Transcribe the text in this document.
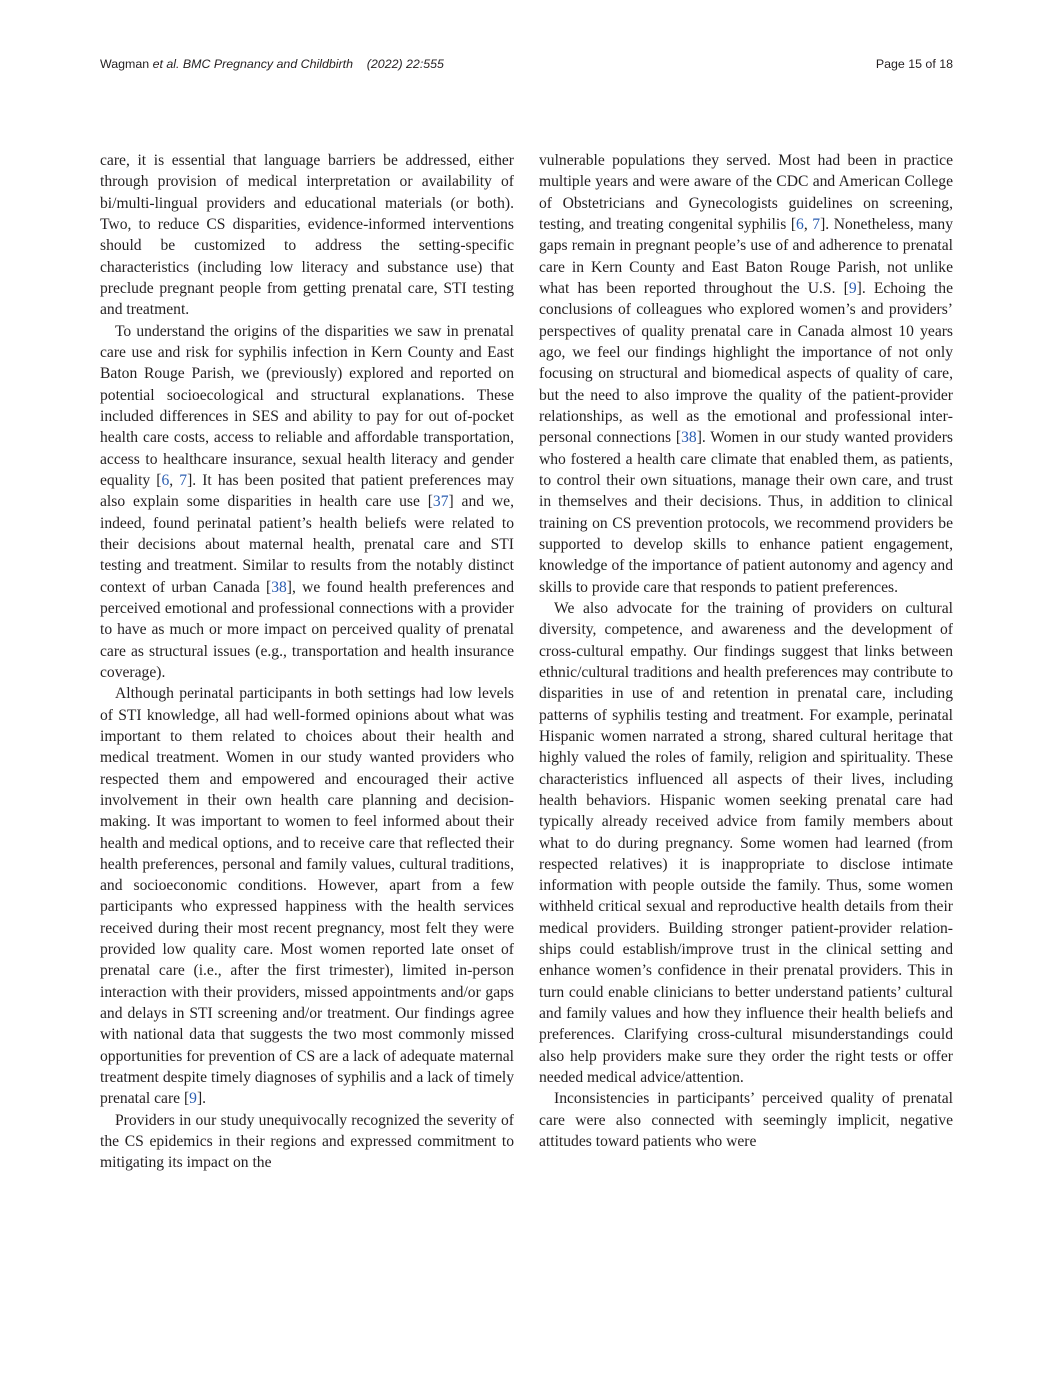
Wagman et al. BMC Pregnancy and Childbirth (2022) 22:555	Page 15 of 18

care, it is essential that language barriers be addressed, either through provision of medical interpretation or availability of bi/multi-lingual providers and educational materials (or both). Two, to reduce CS disparities, evidence-informed interventions should be customized to address the setting-specific characteristics (including low literacy and substance use) that preclude pregnant people from getting prenatal care, STI testing and treatment.

To understand the origins of the disparities we saw in prenatal care use and risk for syphilis infection in Kern County and East Baton Rouge Parish, we (previously) explored and reported on potential socioecological and structural explanations. These included differences in SES and ability to pay for out of-pocket health care costs, access to reliable and affordable transportation, access to healthcare insurance, sexual health literacy and gender equality [6, 7]. It has been posited that patient preferences may also explain some disparities in health care use [37] and we, indeed, found perinatal patient’s health beliefs were related to their decisions about maternal health, prenatal care and STI testing and treatment. Similar to results from the notably distinct context of urban Canada [38], we found health preferences and perceived emotional and professional connections with a provider to have as much or more impact on perceived quality of prenatal care as structural issues (e.g., transportation and health insurance coverage).

Although perinatal participants in both settings had low levels of STI knowledge, all had well-formed opinions about what was important to them related to choices about their health and medical treatment. Women in our study wanted providers who respected them and empowered and encouraged their active involvement in their own health care planning and decision-making. It was important to women to feel informed about their health and medical options, and to receive care that reflected their health preferences, personal and family values, cultural traditions, and socioeconomic conditions. However, apart from a few participants who expressed happiness with the health services received during their most recent pregnancy, most felt they were provided low quality care. Most women reported late onset of prenatal care (i.e., after the first trimester), limited in-person interaction with their providers, missed appointments and/or gaps and delays in STI screening and/or treatment. Our findings agree with national data that suggests the two most commonly missed opportunities for prevention of CS are a lack of adequate maternal treatment despite timely diagnoses of syphilis and a lack of timely prenatal care [9].

Providers in our study unequivocally recognized the severity of the CS epidemics in their regions and expressed commitment to mitigating its impact on the

vulnerable populations they served. Most had been in practice multiple years and were aware of the CDC and American College of Obstetricians and Gynecologists guidelines on screening, testing, and treating congenital syphilis [6, 7]. Nonetheless, many gaps remain in pregnant people’s use of and adherence to prenatal care in Kern County and East Baton Rouge Parish, not unlike what has been reported throughout the U.S. [9]. Echoing the conclusions of colleagues who explored women’s and providers’ perspectives of quality prenatal care in Canada almost 10 years ago, we feel our findings highlight the importance of not only focusing on structural and biomedical aspects of quality of care, but the need to also improve the quality of the patient-provider relationships, as well as the emotional and professional interpersonal connections [38]. Women in our study wanted providers who fostered a health care climate that enabled them, as patients, to control their own situations, manage their own care, and trust in themselves and their decisions. Thus, in addition to clinical training on CS prevention protocols, we recommend providers be supported to develop skills to enhance patient engagement, knowledge of the importance of patient autonomy and agency and skills to provide care that responds to patient preferences.

We also advocate for the training of providers on cultural diversity, competence, and awareness and the development of cross-cultural empathy. Our findings suggest that links between ethnic/cultural traditions and health preferences may contribute to disparities in use of and retention in prenatal care, including patterns of syphilis testing and treatment. For example, perinatal Hispanic women narrated a strong, shared cultural heritage that highly valued the roles of family, religion and spirituality. These characteristics influenced all aspects of their lives, including health behaviors. Hispanic women seeking prenatal care had typically already received advice from family members about what to do during pregnancy. Some women had learned (from respected relatives) it is inappropriate to disclose intimate information with people outside the family. Thus, some women withheld critical sexual and reproductive health details from their medical providers. Building stronger patient-provider relationships could establish/improve trust in the clinical setting and enhance women’s confidence in their prenatal providers. This in turn could enable clinicians to better understand patients’ cultural and family values and how they influence their health beliefs and preferences. Clarifying cross-cultural misunderstandings could also help providers make sure they order the right tests or offer needed medical advice/attention.

Inconsistencies in participants’ perceived quality of prenatal care were also connected with seemingly implicit, negative attitudes toward patients who were
